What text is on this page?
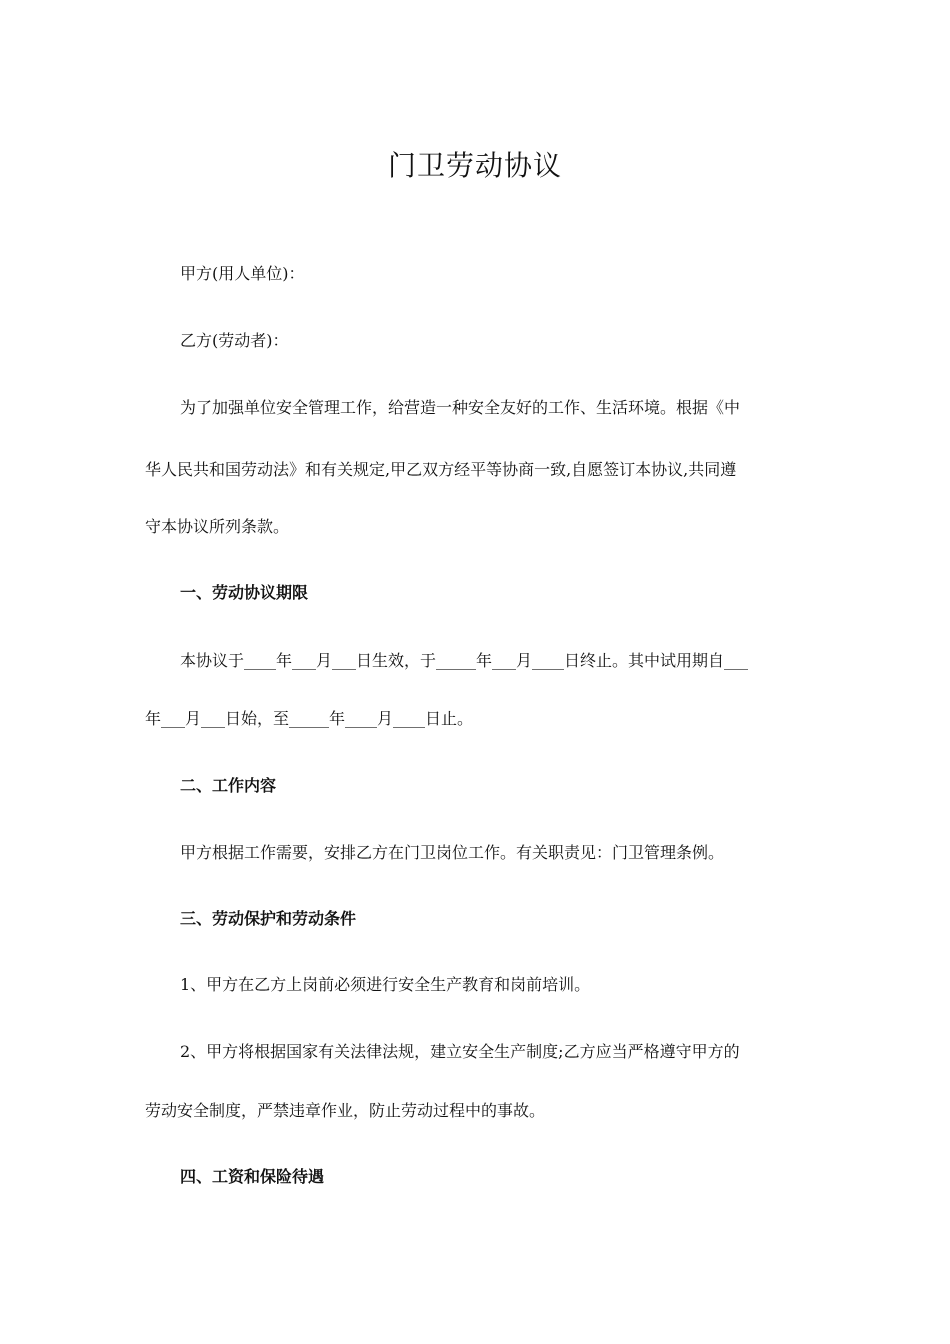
门卫劳动协议

甲方(用人单位)：

乙方(劳动者)：

为了加强单位安全管理工作，给营造一种安全友好的工作、生活环境。根据《中

华人民共和国劳动法》和有关规定,甲乙双方经平等协商一致,自愿签订本协议,共同遵

守本协议所列条款。

一、劳动协议期限

本协议于____年___月___日生效，于_____年___月____日终止。其中试用期自___

年___月___日始，至_____年____月____日止。

二、工作内容

甲方根据工作需要，安排乙方在门卫岗位工作。有关职责见：门卫管理条例。

三、劳动保护和劳动条件

1、甲方在乙方上岗前必须进行安全生产教育和岗前培训。

2、甲方将根据国家有关法律法规，建立安全生产制度;乙方应当严格遵守甲方的

劳动安全制度，严禁违章作业，防止劳动过程中的事故。

四、工资和保险待遇
